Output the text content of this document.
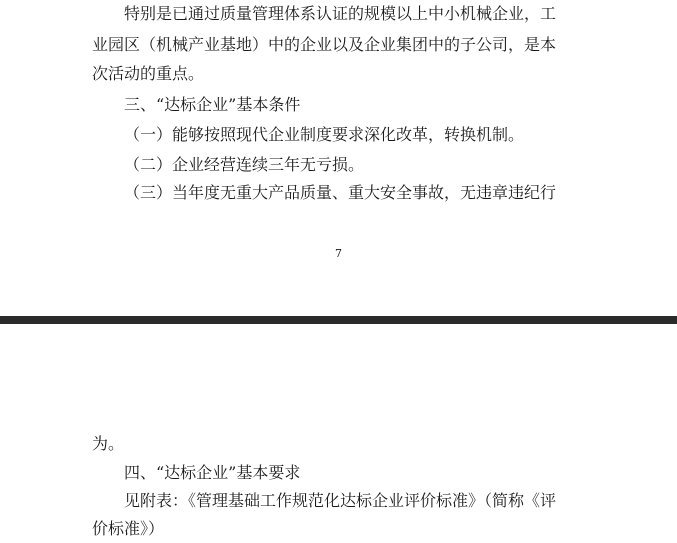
特别是已通过质量管理体系认证的规模以上中小机械企业，工
业园区（机械产业基地）中的企业以及企业集团中的子公司，是本
次活动的重点。
三、“达标企业”基本条件
（一）能够按照现代企业制度要求深化改革，转换机制。
（二）企业经营连续三年无亏损。
（三）当年度无重大产品质量、重大安全事故，无违章违纪行
7
为。
四、“达标企业”基本要求
见附表：《管理基础工作规范化达标企业评价标准》（简称《评
价标准》）
